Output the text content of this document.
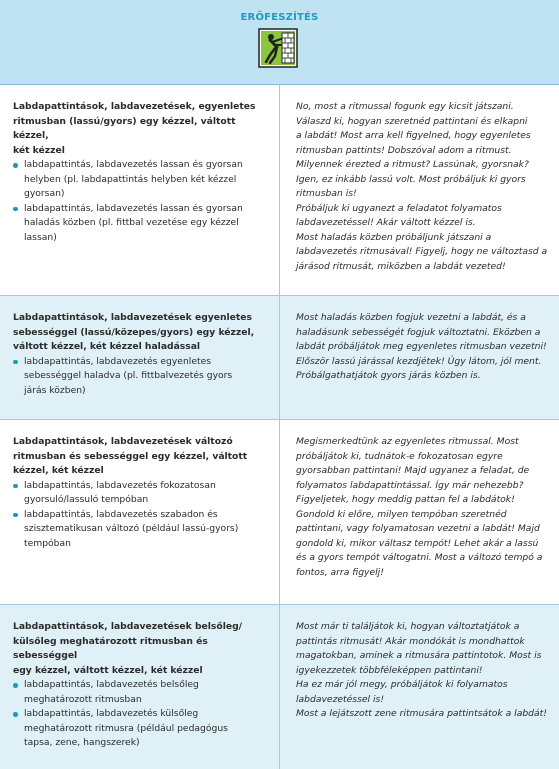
ERŐFESZÍTÉS
Labdapattintások, labdavezetések, egyenletes
ritmusban (lassú/gyors) egy kézzel, váltott kézzel,
két kézzel
labdapattintás, labdavezetés lassan és gyorsan
helyben (pl. labdapattintás helyben két kézzel
gyorsan)
labdapattintás, labdavezetés lassan és gyorsan
haladás közben (pl. fittbal vezetése egy kézzel
lassan)
No, most a ritmussal fogunk egy kicsit játszani.
Válaszd ki, hogyan szeretnéd pattintani és elkapni
a labdát! Most arra kell figyelned, hogy egyenletes
ritmusban pattints! Dobszóval adom a ritmust.
Milyennek érezted a ritmust? Lassúnak, gyorsnak?
Igen, ez inkább lassú volt. Most próbáljuk ki gyors
ritmusban is!
Próbáljuk ki ugyanezt a feladatot folyamatos
labdavezetéssel! Akár váltott kézzel is.
Most haladás közben próbáljunk játszani a
labdavezetés ritmusával! Figyelj, hogy ne változtasd a
járásod ritmusát, miközben a labdát vezeted!
Labdapattintások, labdavezetések egyenletes
sebességgel (lassú/közepes/gyors) egy kézzel,
váltott kézzel, két kézzel haladással
labdapattintás, labdavezetés egyenletes
sebességgel haladva (pl. fittbalvezetés gyors
járás közben)
Most haladás közben fogjuk vezetni a labdát, és a
haladásunk sebességét fogjuk változtatni. Eközben a
labdát próbáljátok meg egyenletes ritmusban vezetni!
Először lassú járással kezdjétek! Úgy látom, jól ment.
Próbálgathatjátok gyors járás közben is.
Labdapattintások, labdavezetések változó
ritmusban és sebességgel egy kézzel, váltott
kézzel, két kézzel
labdapattintás, labdavezetés fokozatosan
gyorsuló/lassuló tempóban
labdapattintás, labdavezetés szabadon és
szisztematikusan változó (például lassú-gyors)
tempóban
Megismerkedtünk az egyenletes ritmussal. Most
próbáljátok ki, tudnátok-e fokozatosan egyre
gyorsabban pattintani! Majd ugyanez a feladat, de
folyamatos labdapattintással. Így már nehezebb?
Figyeljetek, hogy meddig pattan fel a labdátok!
Gondold ki előre, milyen tempóban szeretnéd
pattintani, vagy folyamatosan vezetni a labdát! Majd
gondold ki, mikor váltasz tempót! Lehet akár a lassú
és a gyors tempót váltogatni. Most a változó tempó a
fontos, arra figyelj!
Labdapattintások, labdavezetések belsőleg/
külsőleg meghatározott ritmusban és sebességgel
egy kézzel, váltott kézzel, két kézzel
labdapattintás, labdavezetés belsőleg
meghatározott ritmusban
labdapattintás, labdavezetés külsőleg
meghatározott ritmusra (például pedagógus
tapsa, zene, hangszerek)
Most már ti találjátok ki, hogyan változtatjátok a
pattintás ritmusát! Akár mondókát is mondhattok
magatokban, aminek a ritmusára pattintotok. Most is
igyekezzetek többféleképpen pattintani!
Ha ez már jól megy, próbáljátok ki folyamatos
labdavezetéssel is!
Most a lejátszott zene ritmusára pattintsátok a labdát!
